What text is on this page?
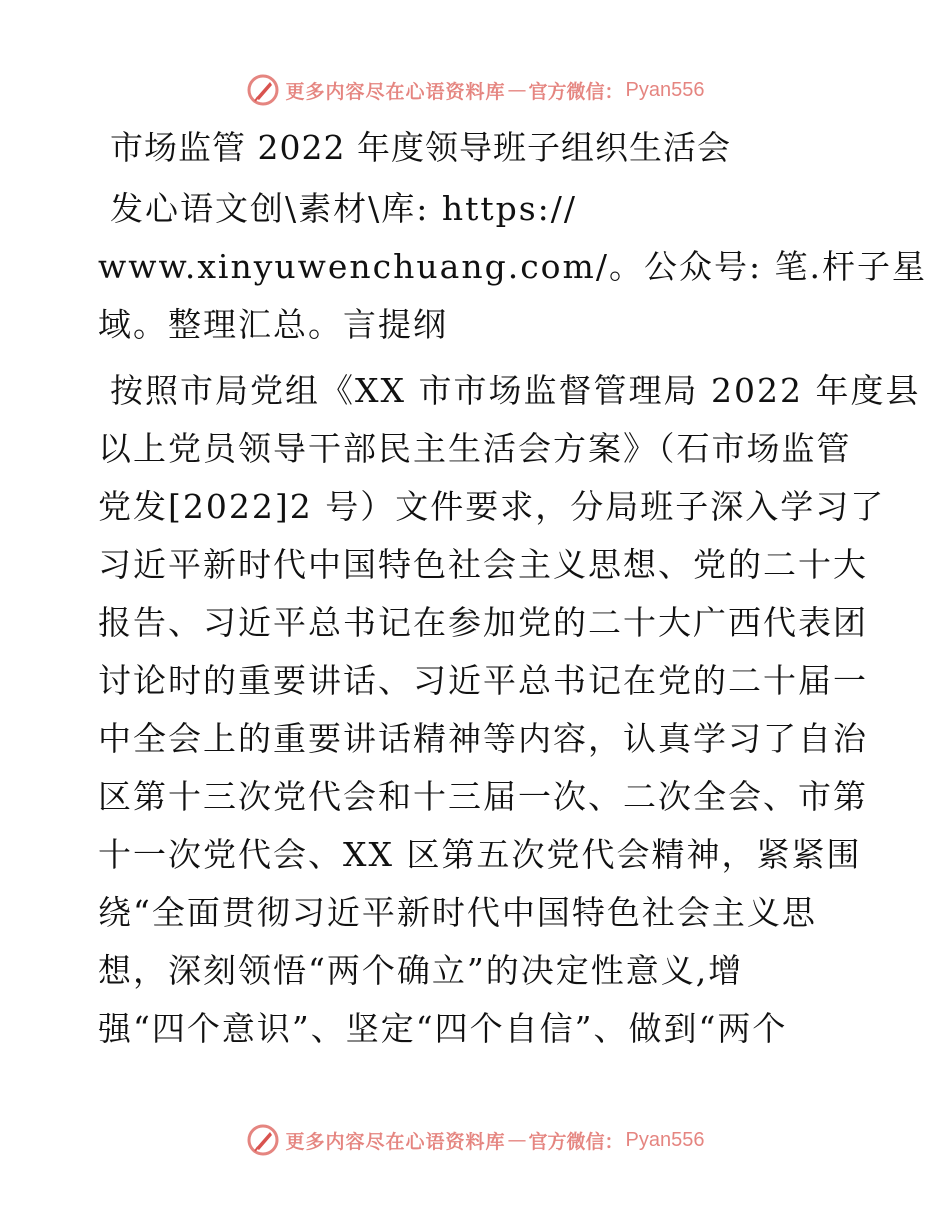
更多内容尽在心语资料库 — 官方微信： Pyan556
市场监管 2022 年度领导班子组织生活会

发心语文创\素材\库: https://
www.xinyuwenchuang.com/。公众号: 笔.杆子星
域。整理汇总。言提纲

按照市局党组《XX 市市场监督管理局 2022 年度县
以上党员领导干部民主生活会方案》（石市场监管
党发[2022]2 号）文件要求，分局班子深入学习了
习近平新时代中国特色社会主义思想、党的二十大
报告、习近平总书记在参加党的二十大广西代表团
讨论时的重要讲话、习近平总书记在党的二十届一
中全会上的重要讲话精神等内容，认真学习了自治
区第十三次党代会和十三届一次、二次全会、市第
十一次党代会、XX 区第五次党代会精神，紧紧围
绕“全面贯彻习近平新时代中国特色社会主义思
想，深刻领悟“两个确立”的决定性意义,增
强“四个意识”、坚定“四个自信”、做到“两个

更多内容尽在心语资料库 — 官方微信： Pyan556
